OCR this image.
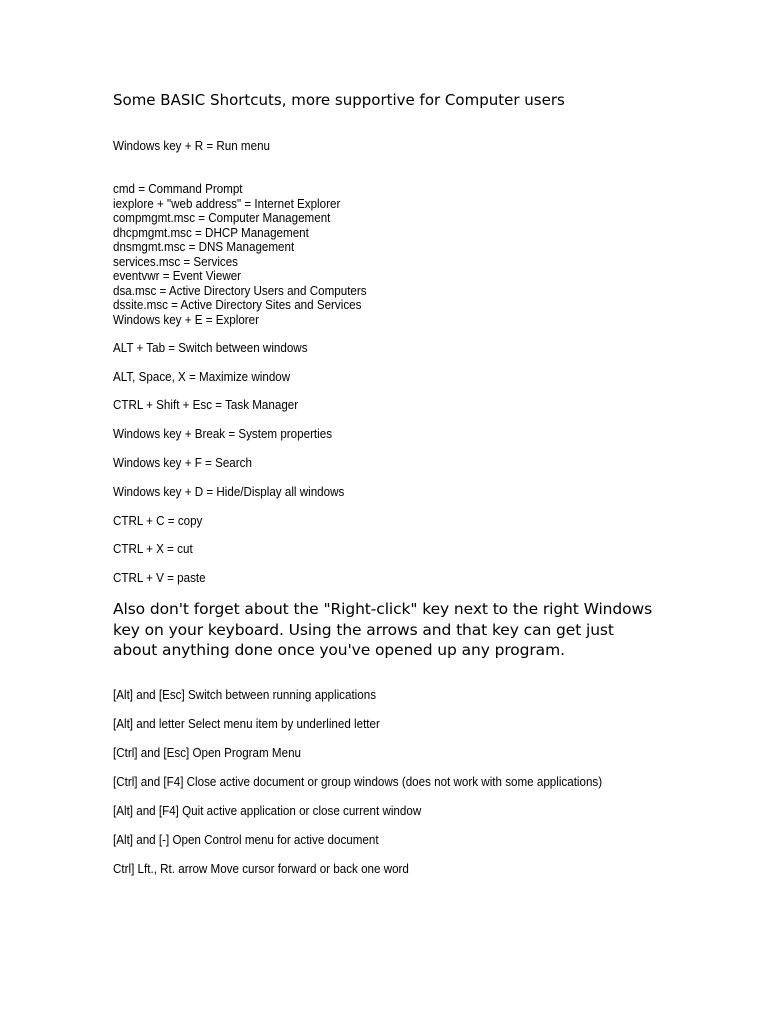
Some BASIC Shortcuts, more supportive for Computer users
Windows key + R = Run menu
cmd = Command Prompt
iexplore + "web address" = Internet Explorer
compmgmt.msc = Computer Management
dhcpmgmt.msc = DHCP Management
dnsmgmt.msc = DNS Management
services.msc = Services
eventvwr = Event Viewer
dsa.msc = Active Directory Users and Computers
dssite.msc = Active Directory Sites and Services
Windows key + E = Explorer
ALT + Tab = Switch between windows
ALT, Space, X = Maximize window
CTRL + Shift + Esc = Task Manager
Windows key + Break = System properties
Windows key + F = Search
Windows key + D = Hide/Display all windows
CTRL + C = copy
CTRL + X = cut
CTRL + V = paste
Also don't forget about the "Right-click" key next to the right Windows
key on your keyboard. Using the arrows and that key can get just
about anything done once you've opened up any program.
[Alt] and [Esc] Switch between running applications
[Alt] and letter Select menu item by underlined letter
[Ctrl] and [Esc] Open Program Menu
[Ctrl] and [F4] Close active document or group windows (does not work with some applications)
[Alt] and [F4] Quit active application or close current window
[Alt] and [-] Open Control menu for active document
Ctrl] Lft., Rt. arrow Move cursor forward or back one word
